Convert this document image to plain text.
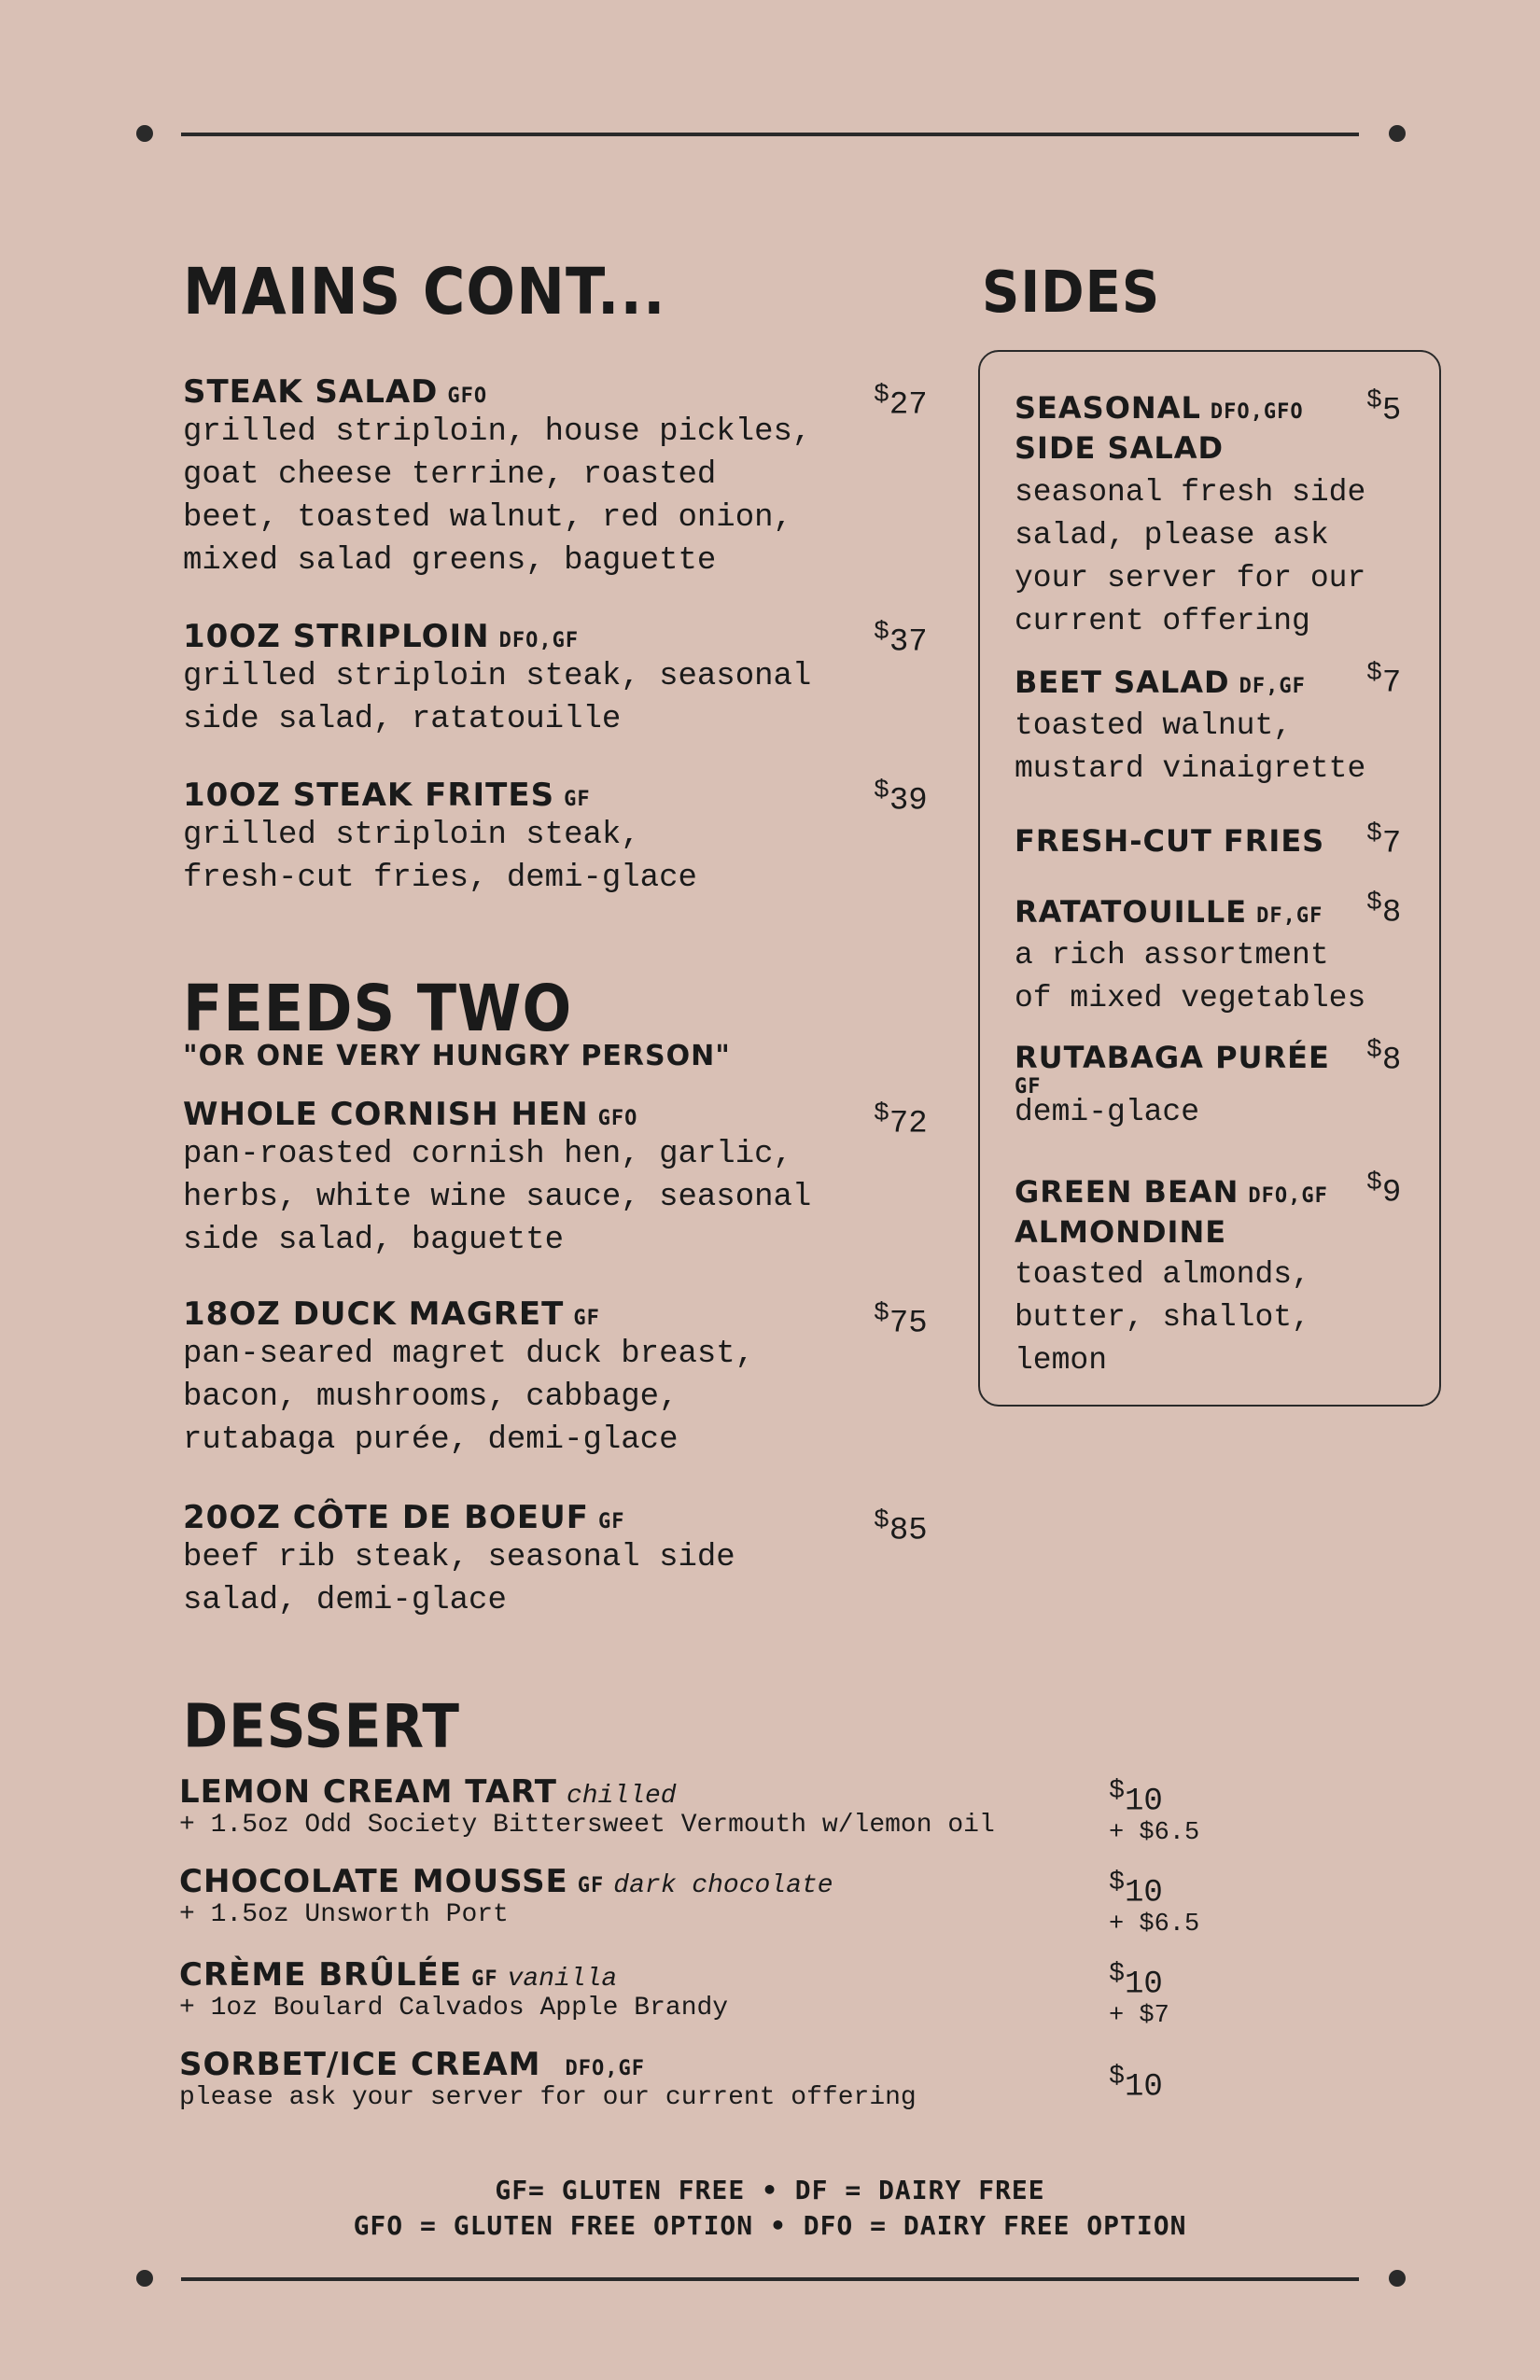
MAINS CONT...
STEAK SALAD GFO
grilled striploin, house pickles,
goat cheese terrine, roasted
beet, toasted walnut, red onion,
mixed salad greens, baguette
$27
10OZ STRIPLOIN DFO,GF
grilled striploin steak, seasonal
side salad, ratatouille
$37
10OZ STEAK FRITES GF
grilled striploin steak,
fresh-cut fries, demi-glace
$39
FEEDS TWO
"OR ONE VERY HUNGRY PERSON"
WHOLE CORNISH HEN GFO
pan-roasted cornish hen, garlic,
herbs, white wine sauce, seasonal
side salad, baguette
$72
18OZ DUCK MAGRET GF
pan-seared magret duck breast,
bacon, mushrooms, cabbage,
rutabaga purée, demi-glace
$75
20OZ CÔTE DE BOEUF GF
beef rib steak, seasonal side
salad, demi-glace
$85
SIDES
SEASONAL DFO,GFO
SIDE SALAD
seasonal fresh side
salad, please ask
your server for our
current offering
$5
BEET SALAD DF,GF
toasted walnut,
mustard vinaigrette
$7
FRESH-CUT FRIES $7
RATATOUILLE DF,GF
a rich assortment
of mixed vegetables
$8
RUTABAGA PURÉE
GF
demi-glace
$8
GREEN BEAN DFO,GF
ALMONDINE
toasted almonds,
butter, shallot,
lemon
$9
DESSERT
LEMON CREAM TART chilled
+ 1.5oz Odd Society Bittersweet Vermouth w/lemon oil
$10
+ $6.5
CHOCOLATE MOUSSE GF dark chocolate
+ 1.5oz Unsworth Port
$10
+ $6.5
CRÈME BRÛLÉE GF vanilla
+ 1oz Boulard Calvados Apple Brandy
$10
+ $7
SORBET/ICE CREAM DFO,GF
please ask your server for our current offering
$10
GF= GLUTEN FREE • DF = DAIRY FREE
GFO = GLUTEN FREE OPTION • DFO = DAIRY FREE OPTION
